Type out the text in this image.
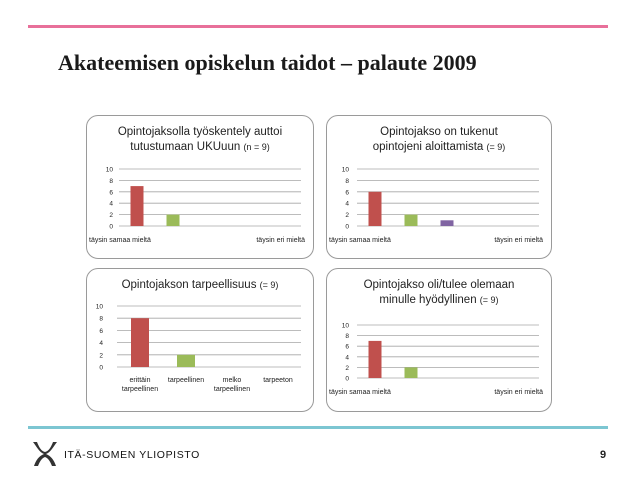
Akateemisen opiskelun taidot – palaute 2009
Opintojaksolla työskentely auttoi
tutustumaan UKUuun (n = 9)
10
8
6
4
2
0
täysin samaa mieltä	täysin eri mieltä
Opintojakso on tukenut
opintojeni aloittamista (= 9)
10
8
6
4
2
0
täysin samaa mieltä	täysin eri mieltä
Opintojakson tarpeellisuus (= 9)
10
8
6
4
2
0
erittäin
tarpeellinen
tarpeellinen	melko
tarpeellinen
tarpeeton
Opintojakso oli/tulee olemaan
minulle hyödyllinen (= 9)
10
8
6
4
2
0
täysin samaa mieltä	täysin eri mieltä
ITÄ-SUOMEN YLIOPISTO	9
